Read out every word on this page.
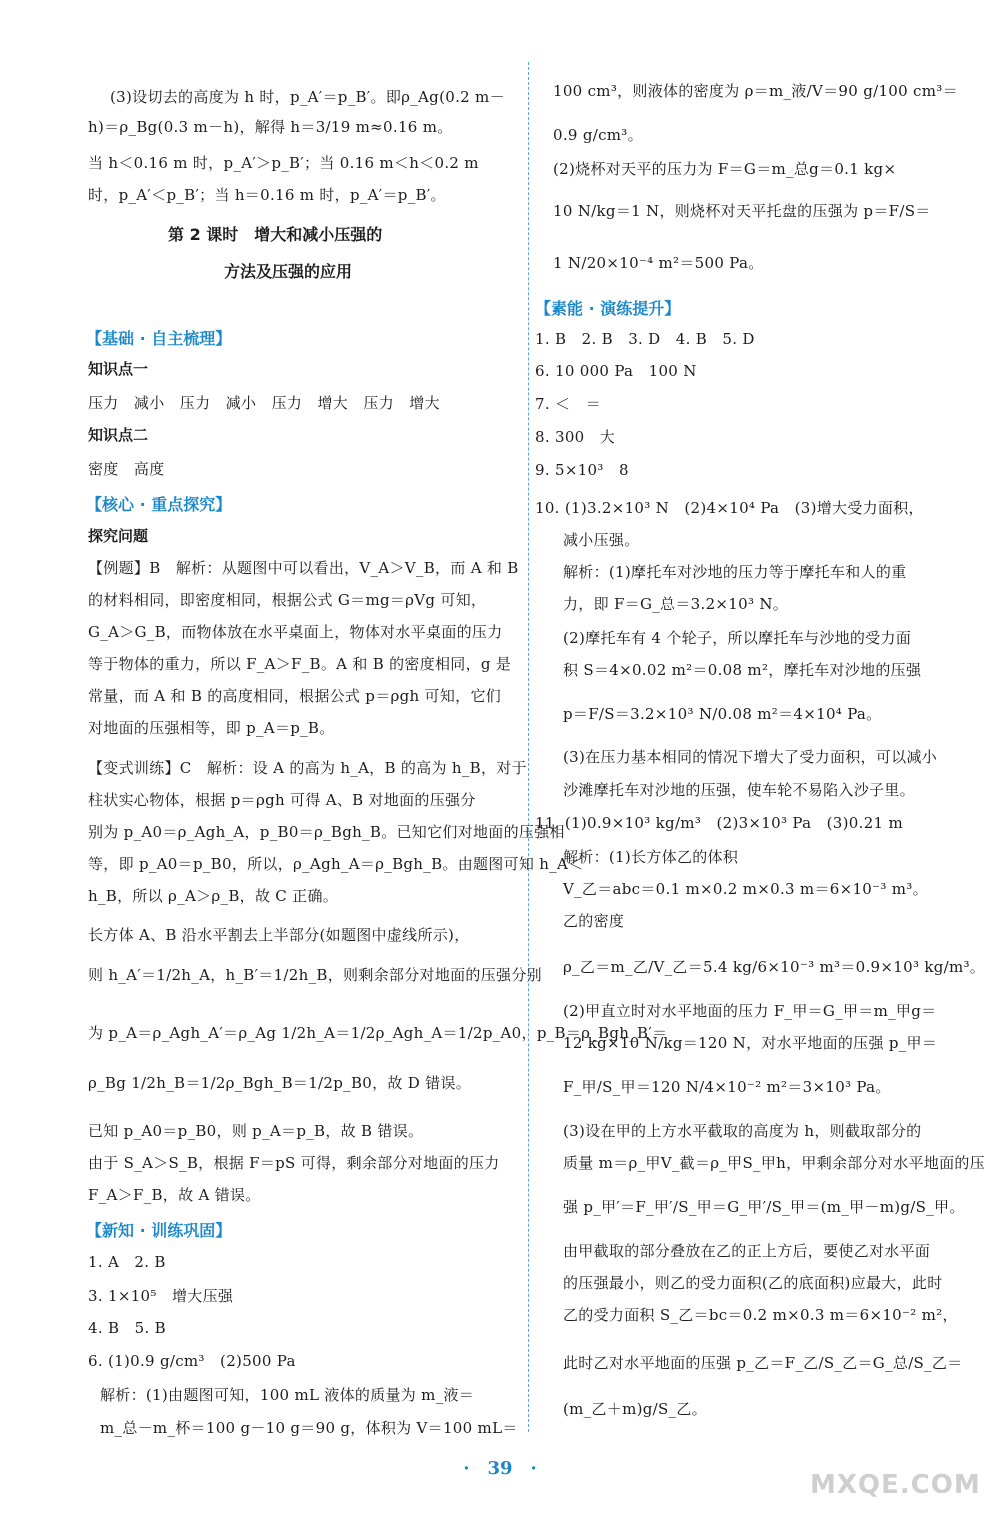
(3)设切去的高度为 h 时，p_A′＝p_B′。即ρ_Ag(0.2 m－
h)＝ρ_Bg(0.3 m－h)，解得 h＝3/19 m≈0.16 m。
当 h＜0.16 m 时，p_A′＞p_B′；当 0.16 m＜h＜0.2 m
时，p_A′＜p_B′；当 h＝0.16 m 时，p_A′＝p_B′。
第 2 课时　增大和减小压强的
方法及压强的应用
【基础 · 自主梳理】
知识点一
压力　减小　压力　减小　压力　增大　压力　增大
知识点二
密度　高度
【核心 · 重点探究】
探究问题
【例题】B　解析：从题图中可以看出，V_A＞V_B，而 A 和 B
的材料相同，即密度相同，根据公式 G＝mg＝ρVg 可知，
G_A＞G_B，而物体放在水平桌面上，物体对水平桌面的压力
等于物体的重力，所以 F_A＞F_B。A 和 B 的密度相同，g 是
常量，而 A 和 B 的高度相同，根据公式 p＝ρgh 可知，它们
对地面的压强相等，即 p_A＝p_B。
【变式训练】C　解析：设 A 的高为 h_A，B 的高为 h_B，对于
柱状实心物体，根据 p＝ρgh 可得 A、B 对地面的压强分
别为 p_A0＝ρ_Agh_A，p_B0＝ρ_Bgh_B。已知它们对地面的压强相
等，即 p_A0＝p_B0，所以，ρ_Agh_A＝ρ_Bgh_B。由题图可知 h_A＜
h_B，所以 ρ_A＞ρ_B，故 C 正确。
长方体 A、B 沿水平割去上半部分(如题图中虚线所示)，
则 h_A′＝1/2h_A，h_B′＝1/2h_B，则剩余部分对地面的压强分别
为 p_A＝ρ_Agh_A′＝ρ_Ag 1/2h_A＝1/2ρ_Agh_A＝1/2p_A0，p_B＝ρ_Bgh_B′＝
ρ_Bg 1/2h_B＝1/2ρ_Bgh_B＝1/2p_B0，故 D 错误。
已知 p_A0＝p_B0，则 p_A＝p_B，故 B 错误。
由于 S_A＞S_B，根据 F＝pS 可得，剩余部分对地面的压力
F_A＞F_B，故 A 错误。
【新知 · 训练巩固】
1. A　2. B
3. 1×10⁵　增大压强
4. B　5. B
6. (1)0.9 g/cm³　(2)500 Pa
解析：(1)由题图可知，100 mL 液体的质量为 m_液＝
m_总－m_杯＝100 g－10 g＝90 g，体积为 V＝100 mL＝
100 cm³，则液体的密度为 ρ＝m_液/V＝90 g/100 cm³＝
0.9 g/cm³。
(2)烧杯对天平的压力为 F＝G＝m_总g＝0.1 kg×
10 N/kg＝1 N，则烧杯对天平托盘的压强为 p＝F/S＝
1 N/20×10⁻⁴ m²＝500 Pa。
【素能 · 演练提升】
1. B　2. B　3. D　4. B　5. D
6. 10 000 Pa　100 N
7. ＜　＝
8. 300　大
9. 5×10³　8
10. (1)3.2×10³ N　(2)4×10⁴ Pa　(3)增大受力面积，
减小压强。
解析：(1)摩托车对沙地的压力等于摩托车和人的重
力，即 F＝G_总＝3.2×10³ N。
(2)摩托车有 4 个轮子，所以摩托车与沙地的受力面
积 S＝4×0.02 m²＝0.08 m²，摩托车对沙地的压强
p＝F/S＝3.2×10³ N/0.08 m²＝4×10⁴ Pa。
(3)在压力基本相同的情况下增大了受力面积，可以减小
沙滩摩托车对沙地的压强，使车轮不易陷入沙子里。
11. (1)0.9×10³ kg/m³　(2)3×10³ Pa　(3)0.21 m
解析：(1)长方体乙的体积
V_乙＝abc＝0.1 m×0.2 m×0.3 m＝6×10⁻³ m³。
乙的密度
ρ_乙＝m_乙/V_乙＝5.4 kg/6×10⁻³ m³＝0.9×10³ kg/m³。
(2)甲直立时对水平地面的压力 F_甲＝G_甲＝m_甲g＝
12 kg×10 N/kg＝120 N，对水平地面的压强 p_甲＝
F_甲/S_甲＝120 N/4×10⁻² m²＝3×10³ Pa。
(3)设在甲的上方水平截取的高度为 h，则截取部分的
质量 m＝ρ_甲V_截＝ρ_甲S_甲h，甲剩余部分对水平地面的压
强 p_甲′＝F_甲′/S_甲＝G_甲′/S_甲＝(m_甲－m)g/S_甲。
由甲截取的部分叠放在乙的正上方后，要使乙对水平面
的压强最小，则乙的受力面积(乙的底面积)应最大，此时
乙的受力面积 S_乙＝bc＝0.2 m×0.3 m＝6×10⁻² m²，
此时乙对水平地面的压强 p_乙＝F_乙/S_乙＝G_总/S_乙＝
(m_乙＋m)g/S_乙。
·　39　·
MXQE.COM
